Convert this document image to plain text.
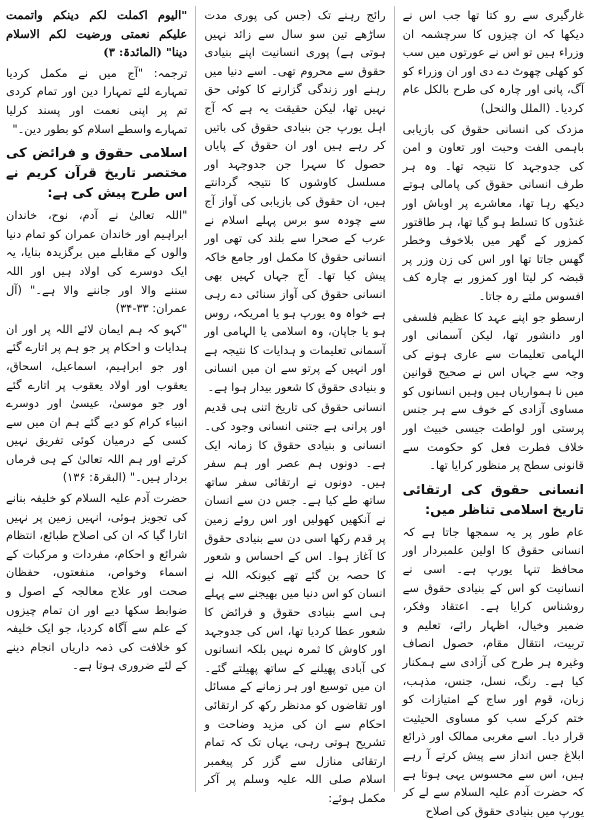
غارگیری سے رو کتا تھا جب اس نے دیکھا کہ ان چیزوں کا سرچشمہ ان وزراء ہیں تو اس نے عورتوں میں سب کو کھلی چھوٹ دے دی اور ان وزراء کو آگ، پانی اور چارہ کی طرح بالکل عام کردیا۔ (الملل والنحل)

مزدک کی انسانی حقوق کی بازیابی باہمی الفت وحبت اور تعاون و امن کی جدوجہد کا نتیجہ تھا۔ وہ ہر طرف انسانی حقوق کی پامالی ہوتے دیکھ رہا تھا، معاشرے پر اوباش اور غنڈوں کا تسلط ہو گیا تھا، ہر طاقتور کمزور کے گھر میں بلاخوف وخطر گھس جاتا تھا اور اس کی زن وزر پر قبضہ کر لیتا اور کمزور بے چارہ کف افسوس ملتے رہ جاتا۔

ارسطو جو اپنے عہد کا عظیم فلسفی اور دانشور تھا، لیکن آسمانی اور الہامی تعلیمات سے عاری ہونے کی وجہ سے جہاں اس نے صحیح قوانین میں نا ہمواریاں ہیں وہیں انسانوں کو مساوی آزادی کے خوف سے ہر جنس پرستی اور لواطت جیسی خبیث اور خلاف فطرت فعل کو حکومت سے قانونی سطح پر منظور کرایا تھا۔

انسانی حقوق کی ارتقائی تاریخ اسلامی تناظر میں:

عام طور پر یہ سمجھا جاتا ہے کہ انسانی حقوق کا اولین علمبردار اور محافظ تنہا یورپ ہے۔ اسی نے انسانیت کو اس کے بنیادی حقوق سے روشناس کرایا ہے۔ اعتقاد وفکر، ضمیر وخیال، اظہار رائے، تعلیم و تربیت، انتقال مقام، حصول انصاف وغیرہ ہر طرح کی آزادی سے ہمکنار کیا ہے۔ رنگ، نسل، جنس، مذہب، زبان، قوم اور ساج کے امتیازات کو ختم کرکے سب کو مساوی الحیثیت قرار دیا۔ اسے مغربی ممالک اور ذرائع ابلاغ جس انداز سے پیش کرتے آ رہے ہیں، اس سے محسوس یہی ہوتا ہے کہ حضرت آدم علیہ السلام سے لے کر یورپ میں بنیادی حقوق کی اصلاح

رائج رہنے تک (جس کی پوری مدت ساڑھے تین سو سال سے زائد نہیں ہوتی ہے) پوری انسانیت اپنے بنیادی حقوق سے محروم تھی۔ اسے دنیا میں رہنے اور زندگی گزارنے کا کوئی حق نہیں تھا، لیکن حقیقت یہ ہے کہ آج اہل یورپ جن بنیادی حقوق کی باتیں کر رہے ہیں اور ان حقوق کے پایاں حصول کا سہرا جن جدوجہد اور مسلسل کاوشوں کا نتیجہ گردانتے ہیں، ان حقوق کی بازیابی کی آواز آج سے چودہ سو برس پہلے اسلام نے عرب کے صحرا سے بلند کی تھی اور انسانی حقوق کا مکمل اور جامع خاکہ پیش کیا تھا۔ آج جہاں کہیں بھی انسانی حقوق کی آواز سنائی دے رہی ہے خواہ وہ یورپ ہو یا امریکہ، روس ہو یا جاپان، وہ اسلامی یا الہامی اور آسمانی تعلیمات و ہدایات کا نتیجہ ہے اور انہیں کے پرتو سے ان میں انسانی و بنیادی حقوق کا شعور بیدار ہوا ہے۔

انسانی حقوق کی تاریخ اتنی ہی قدیم اور پرانی ہے جتنی انسانی وجود کی۔ انسانی و بنیادی حقوق کا زمانہ ایک ہے۔ دونوں ہم عصر اور ہم سفر ہیں۔ دونوں نے ارتقائی سفر ساتھ ساتھ طے کیا ہے۔ جس دن سے انسان نے آنکھیں کھولیں اور اس روئے زمین پر قدم رکھا اسی دن سے بنیادی حقوق کا آغاز ہوا۔ اس کے احساس و شعور کا حصہ بن گئے تھے کیونکہ اللہ نے انسان کو اس دنیا میں بھیجنے سے پہلے ہی اسے بنیادی حقوق و فرائض کا شعور عطا کردیا تھا، اس کی جدوجہد اور کاوش کا ثمرہ نہیں بلکہ انسانوں کی آبادی پھیلنے کے ساتھ پھیلتے گئے۔ ان میں توسیع اور ہر زمانے کے مسائل اور تقاضوں کو مدنظر رکھ کر ارتقائی احکام سے ان کی مزید وضاحت و تشریح ہوتی رہی، یہاں تک کہ تمام ارتقائی منازل سے گزر کر پیغمبر اسلام صلی اللہ علیہ وسلم پر آکر مکمل ہوئے:

"الیوم اکملت لکم دینکم واتممت علیکم نعمتی ورضیت لکم الاسلام دینا" (المائدۃ: ۳)

ترجمہ: "آج میں نے مکمل کردیا تمہارے لئے تمہارا دین اور تمام کردی تم پر اپنی نعمت اور پسند کرلیا تمہارے واسطے اسلام کو بطور دین۔"

اسلامی حقوق و فرائض کی مختصر تاریخ قرآن کریم نے اس طرح پیش کی ہے:

"اللہ تعالیٰ نے آدم، نوح، خاندان ابراہیم اور خاندان عمران کو تمام دنیا والوں کے مقابلے میں برگزیدہ بنایا، یہ ایک دوسرے کی اولاد ہیں اور اللہ سننے والا اور جاننے والا ہے۔" (آل عمران: ۳۳-۳۴)

"کہو کہ ہم ایمان لائے اللہ پر اور ان ہدایات و احکام پر جو ہم پر اتارے گئے اور جو ابراہیم، اسماعیل، اسحاق، یعقوب اور اولاد یعقوب پر اتارے گئے اور جو موسیٰ، عیسیٰ اور دوسرے انبیاء کرام کو دیے گئے ہم ان میں سے کسی کے درمیان کوئی تفریق نہیں کرتے اور ہم اللہ تعالیٰ کے ہی فرماں بردار ہیں۔" (البقرۃ: ۱۳۶)

حضرت آدم علیہ السلام کو خلیفہ بنانے کی تجویز ہوئی، انہیں زمین پر نہیں اتارا گیا کہ ان کی اصلاح طبائع، انتظام شرائع و احکام، مفردات و مرکبات کے اسماء وخواص، منفعتوں، حفظان صحت اور علاج معالجہ کے اصول و ضوابط سکھا دیے اور ان تمام چیزوں کے علم سے آگاہ کردیا، جو ایک خلیفہ کو خلافت کی ذمہ داریاں انجام دینے کے لئے ضروری ہوتا ہے۔
